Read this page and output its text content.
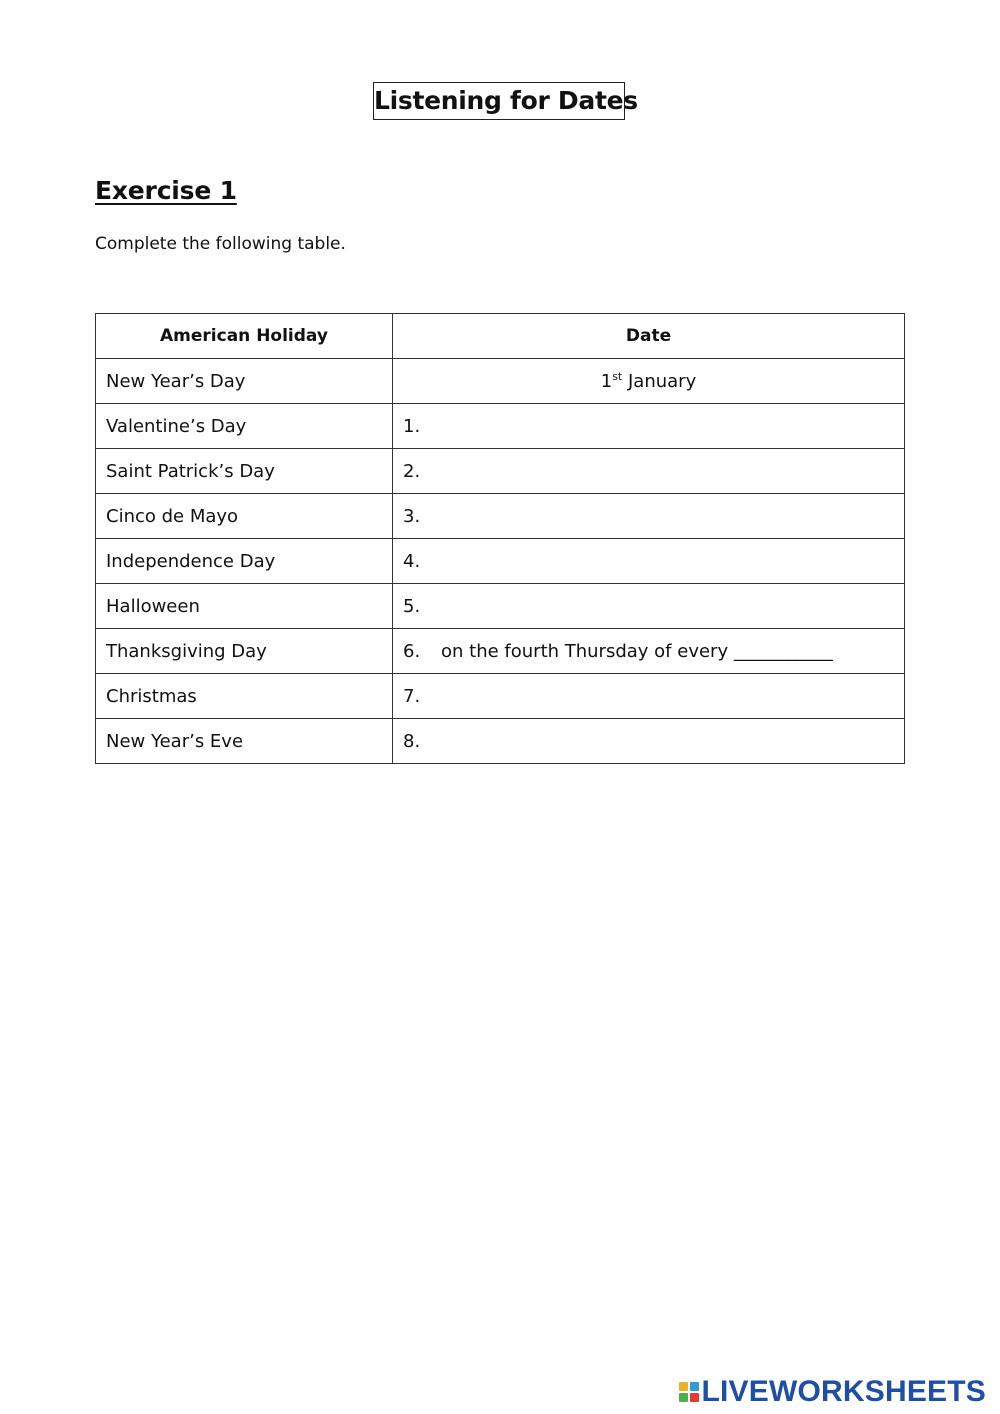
Listening for Dates
Exercise 1
Complete the following table.
American Holiday	Date
New Year’s Day	1st January
Valentine’s Day	1.
Saint Patrick’s Day	2.
Cinco de Mayo	3.
Independence Day	4.
Halloween	5.
Thanksgiving Day	6. on the fourth Thursday of every ___________
Christmas	7.
New Year’s Eve	8.
LIVEWORKSHEETS
